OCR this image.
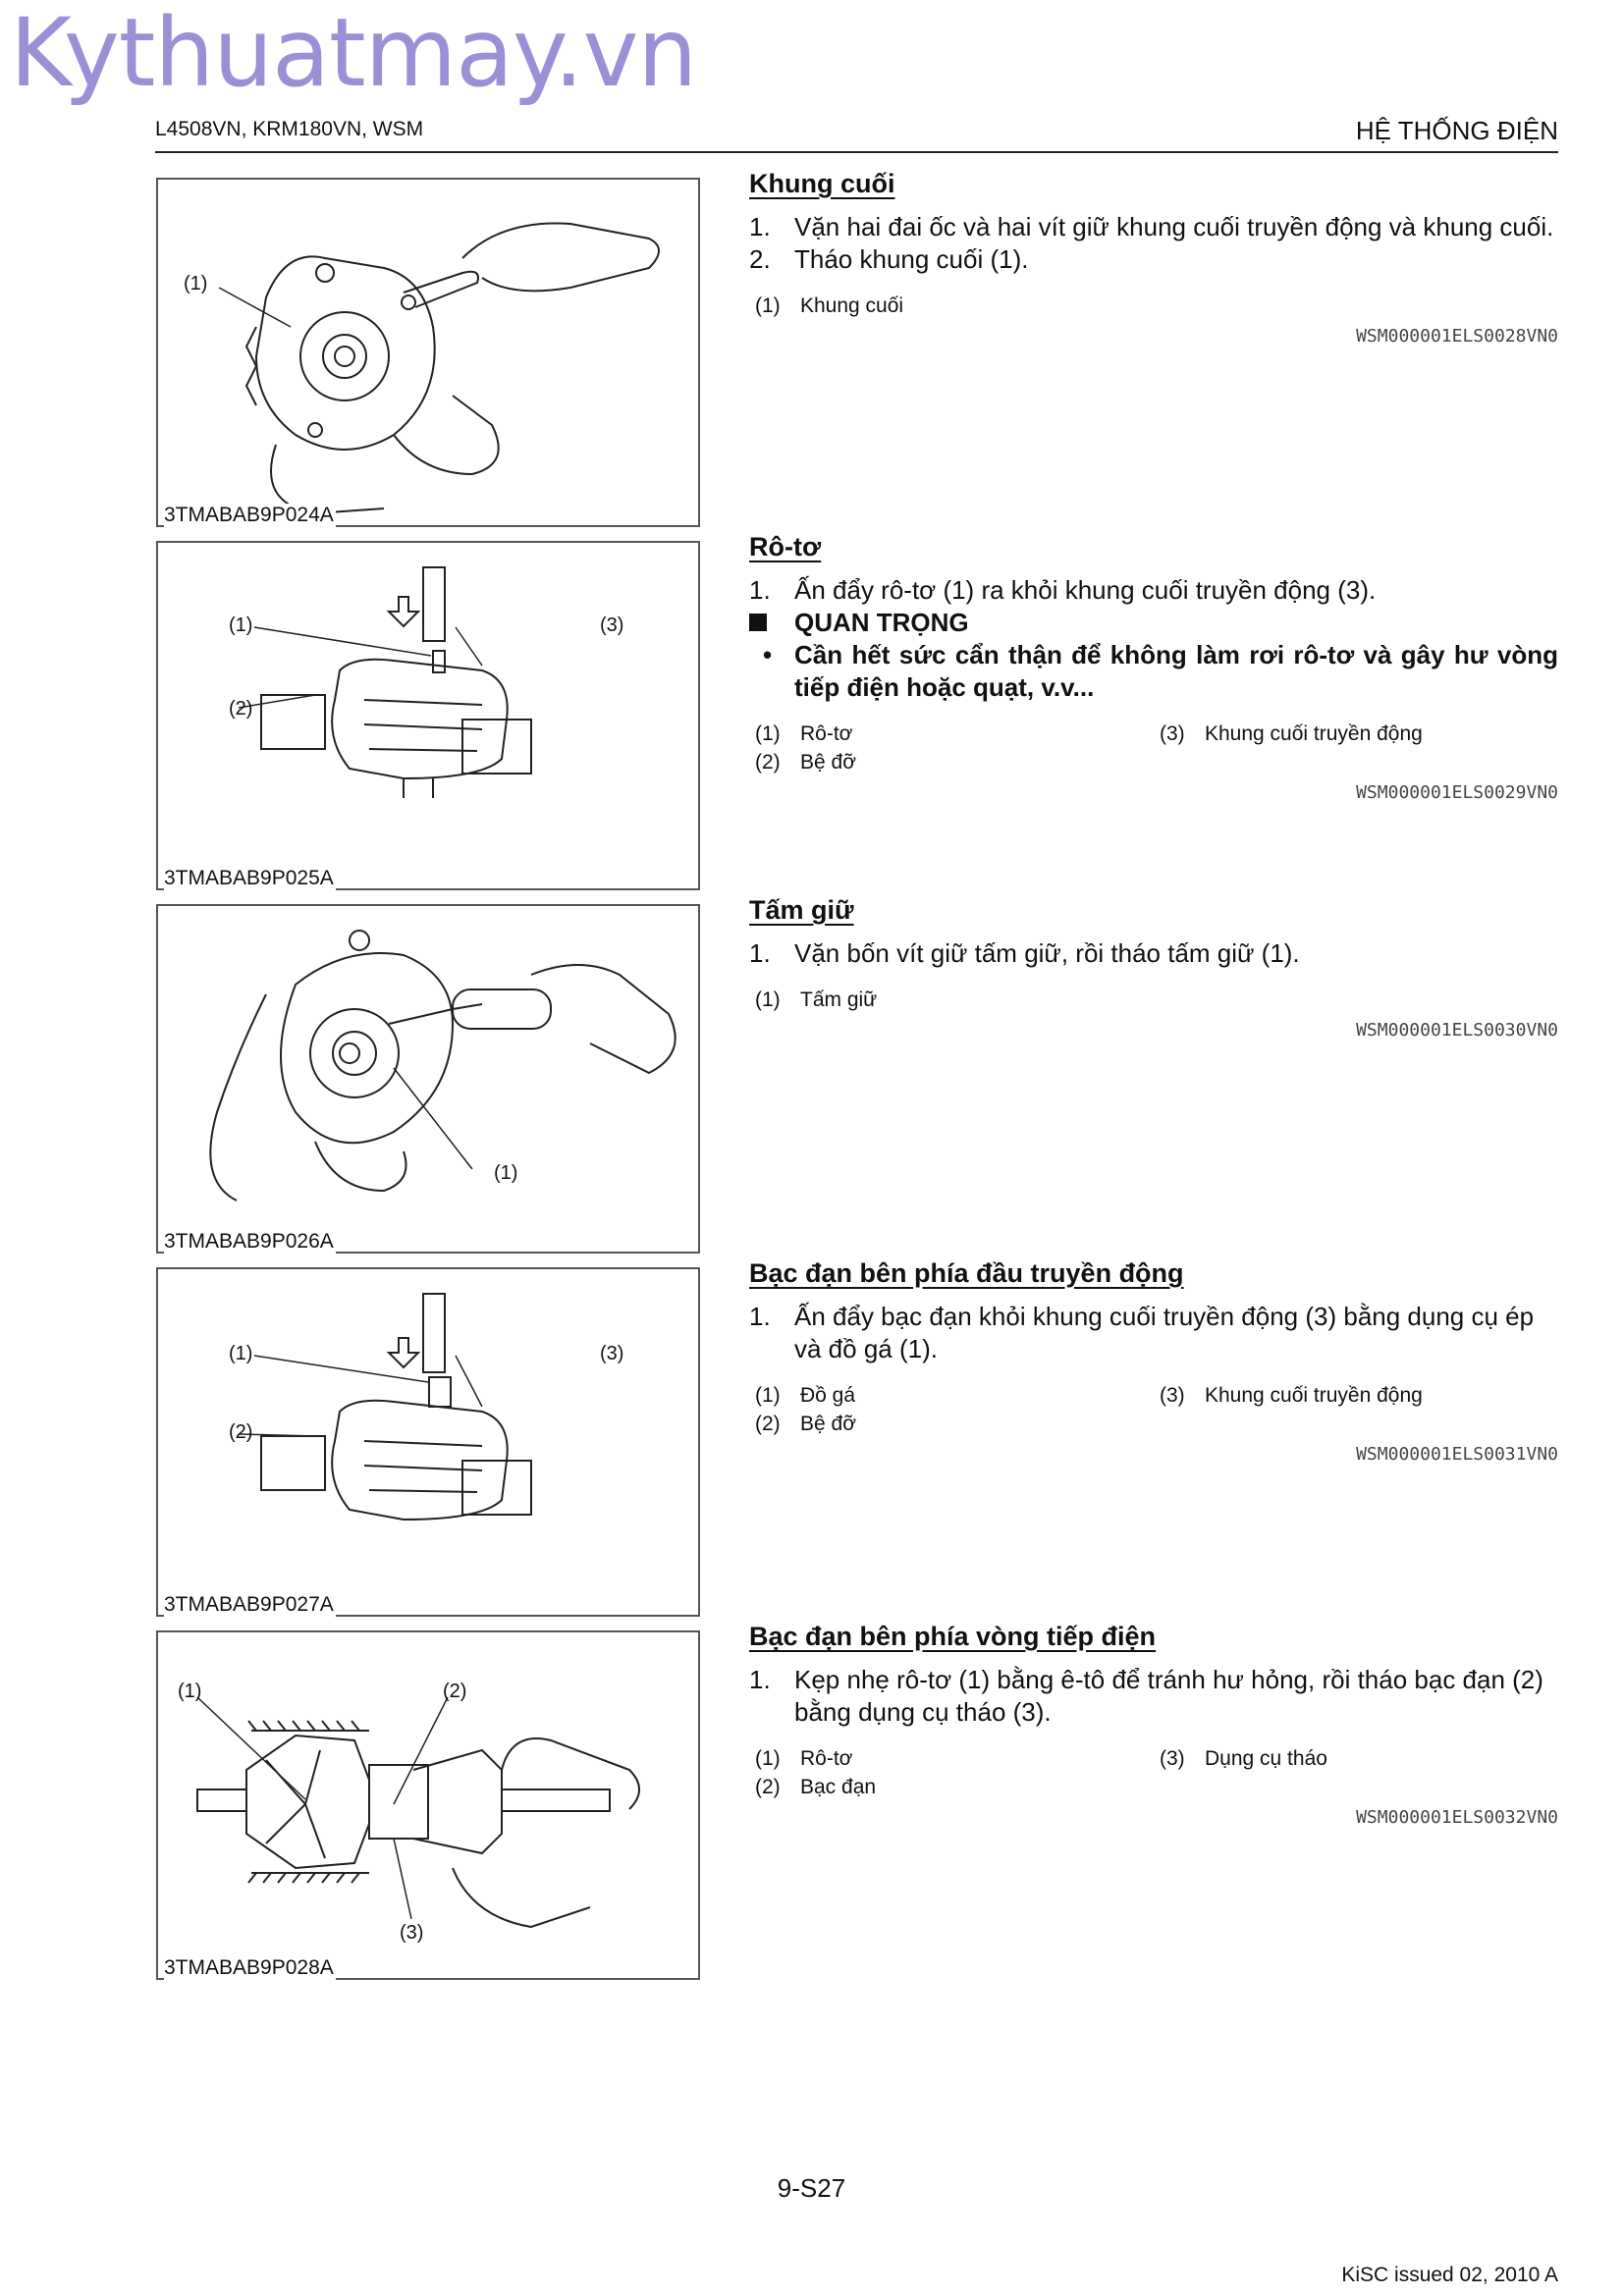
Kythuatmay.vn
L4508VN, KRM180VN, WSM	HỆ THỐNG ĐIỆN
(1)
3TMABAB9P024A
(1)
(2)
(3)
3TMABAB9P025A
(1)
3TMABAB9P026A
(1)
(2)
(3)
3TMABAB9P027A
(1)	(2)
(3)
3TMABAB9P028A
Khung cuối
1. Vặn hai đai ốc và hai vít giữ khung cuối truyền động và khung cuối.
2. Tháo khung cuối (1).
(1) Khung cuối
WSM000001ELS0028VN0
Rô-tơ
1. Ấn đẩy rô-tơ (1) ra khỏi khung cuối truyền động (3).
QUAN TRỌNG
• Cần hết sức cẩn thận để không làm rơi rô-tơ và gây hư vòng tiếp điện hoặc quạt, v.v...
(1) Rô-tơ	(3) Khung cuối truyền động
(2) Bệ đỡ
WSM000001ELS0029VN0
Tấm giữ
1. Vặn bốn vít giữ tấm giữ, rồi tháo tấm giữ (1).
(1) Tấm giữ
WSM000001ELS0030VN0
Bạc đạn bên phía đầu truyền động
1. Ấn đẩy bạc đạn khỏi khung cuối truyền động (3) bằng dụng cụ ép và đồ gá (1).
(1) Đồ gá	(3) Khung cuối truyền động
(2) Bệ đỡ
WSM000001ELS0031VN0
Bạc đạn bên phía vòng tiếp điện
1. Kẹp nhẹ rô-tơ (1) bằng ê-tô để tránh hư hỏng, rồi tháo bạc đạn (2) bằng dụng cụ tháo (3).
(1) Rô-tơ	(3) Dụng cụ tháo
(2) Bạc đạn
WSM000001ELS0032VN0
9-S27
KiSC issued 02, 2010 A
